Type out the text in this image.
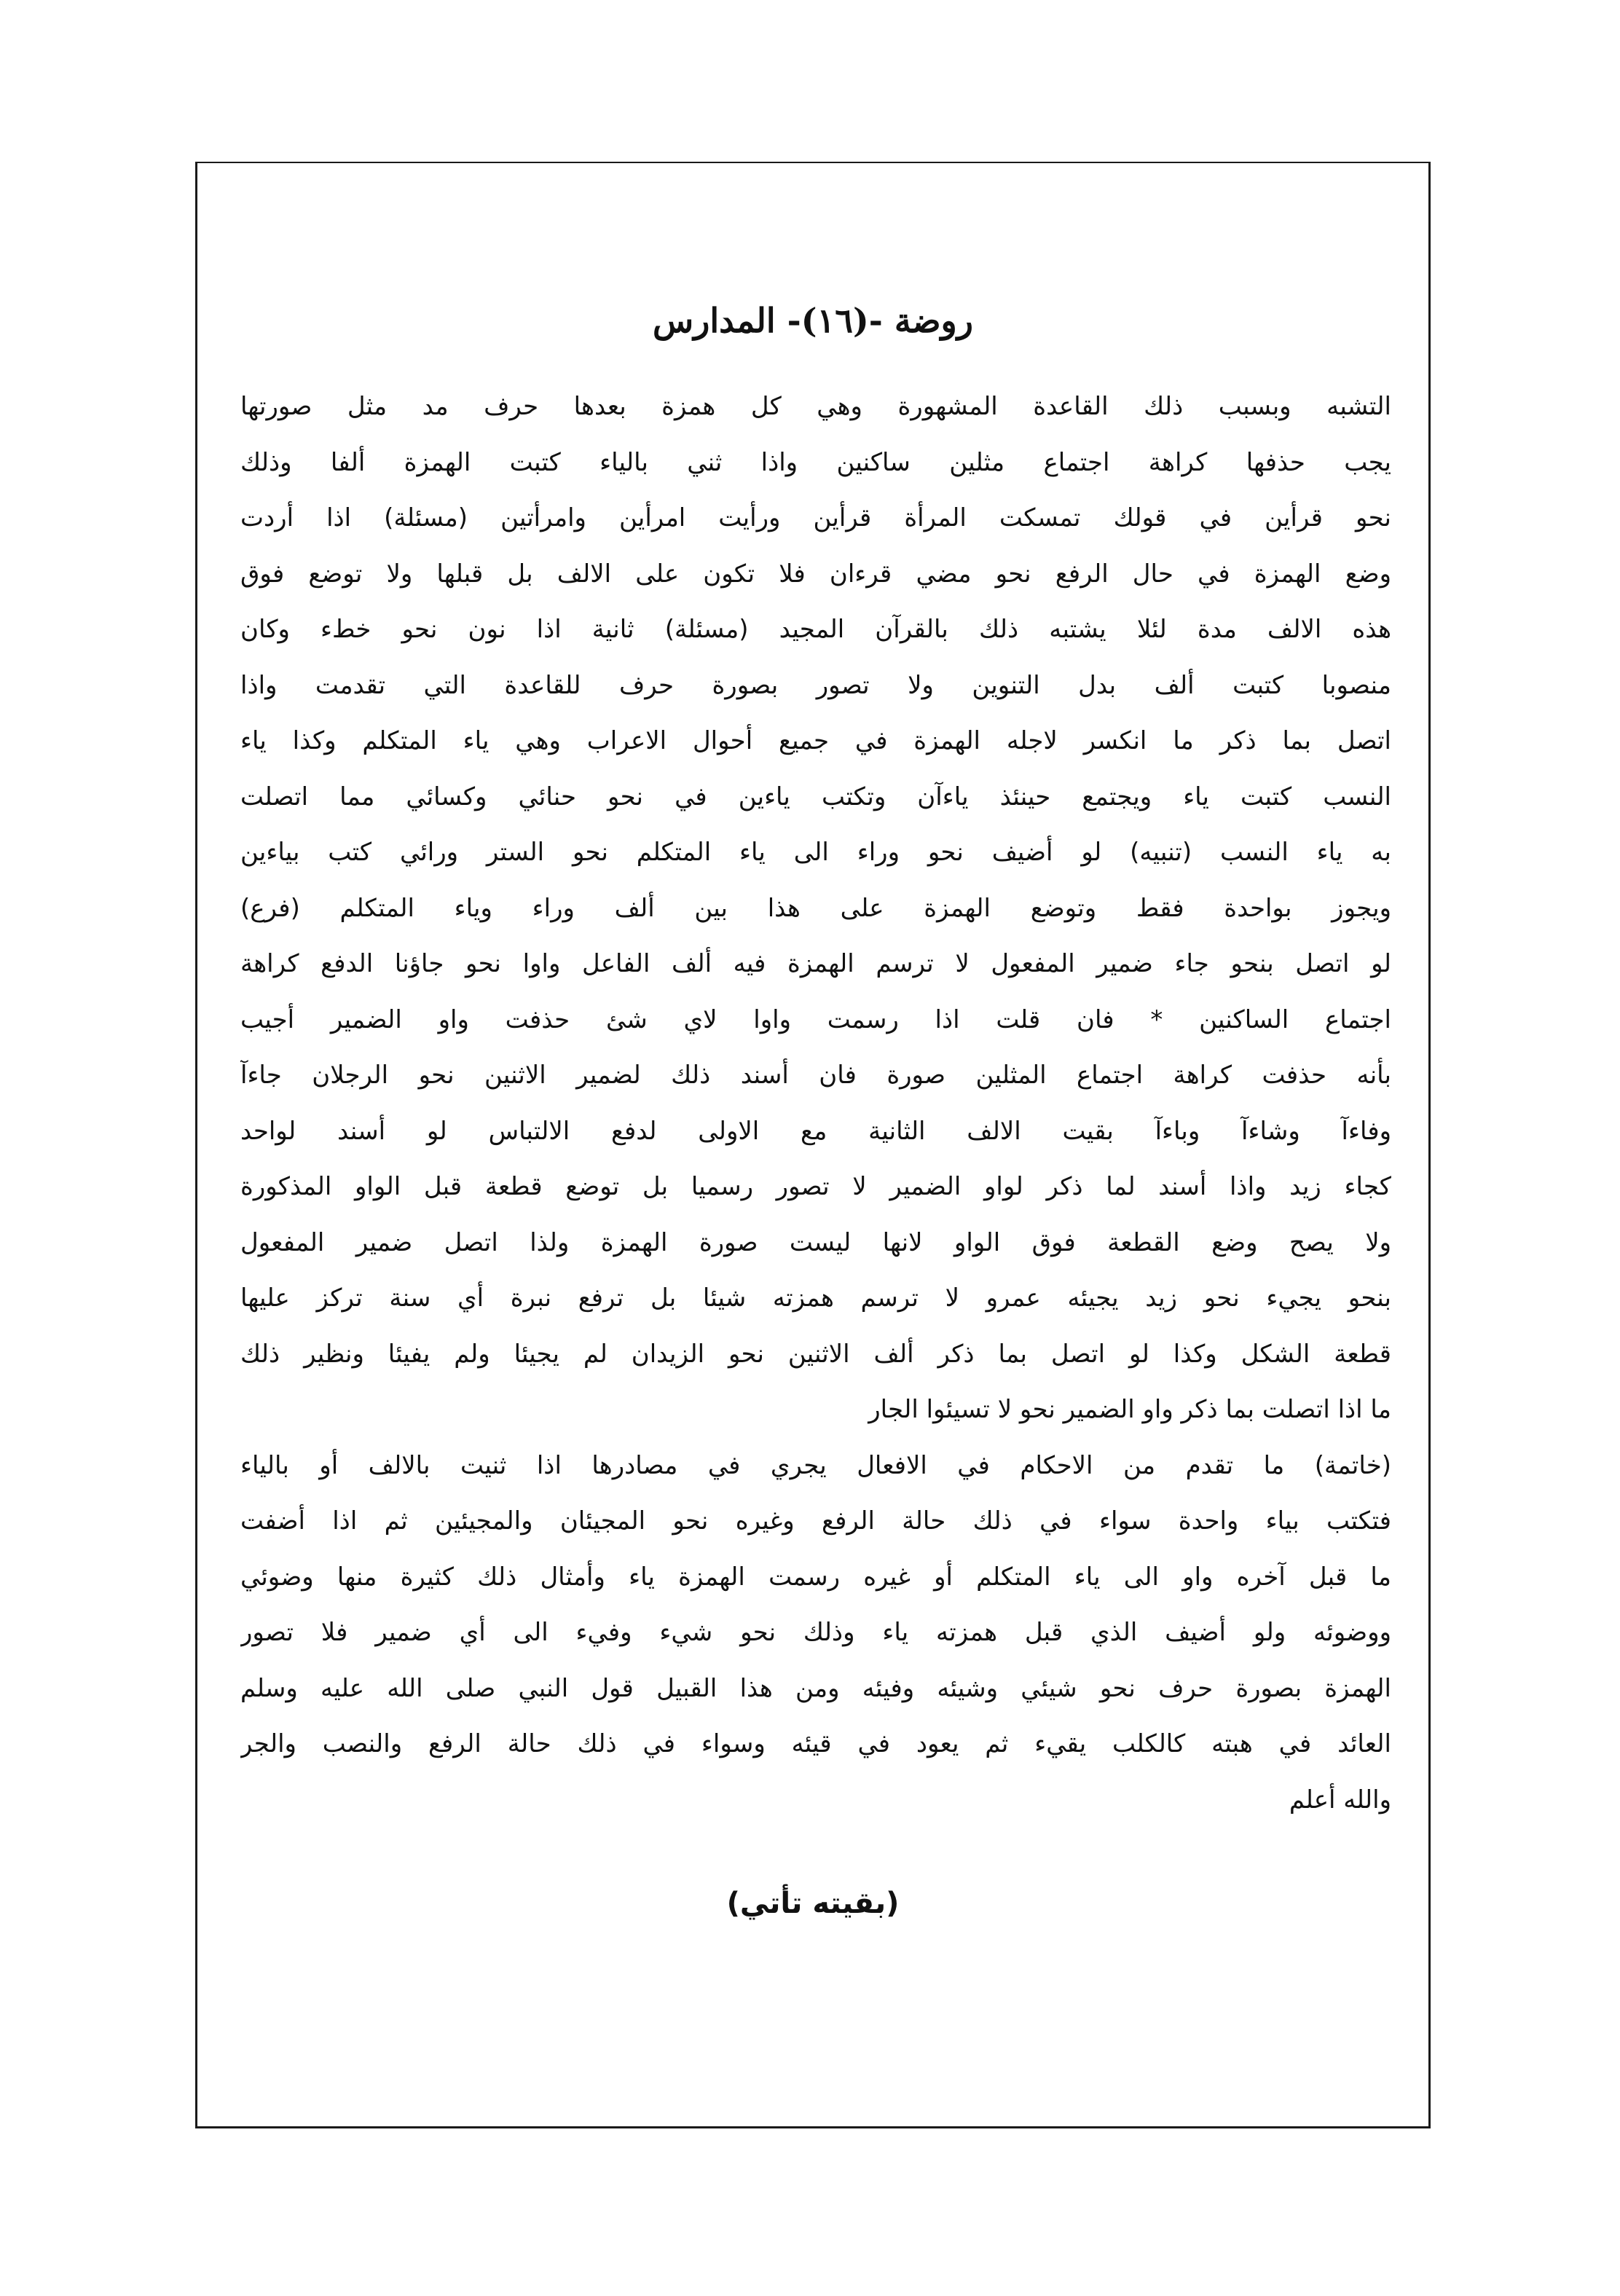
روضة -(١٦)- المدارس
التشبه وبسبب ذلك القاعدة المشهورة وهي كل همزة بعدها حرف مد مثل صورتها
يجب حذفها كراهة اجتماع مثلين ساكنين واذا ثني بالياء كتبت الهمزة ألفا وذلك
نحو قرأين في قولك تمسكت المرأة قرأين ورأيت امرأين وامرأتين (مسئلة) اذا أردت
وضع الهمزة في حال الرفع نحو مضي قرءان فلا تكون على الالف بل قبلها ولا توضع فوق
هذه الالف مدة لئلا يشتبه ذلك بالقرآن المجيد (مسئلة) ثانية اذا نون نحو خطء وكان
منصوبا كتبت ألف بدل التنوين ولا تصور بصورة حرف للقاعدة التي تقدمت واذا
اتصل بما ذكر ما انكسر لاجله الهمزة في جميع أحوال الاعراب وهي ياء المتكلم وكذا ياء
النسب كتبت ياء ويجتمع حينئذ ياءآن وتكتب ياءين في نحو حنائي وكسائي مما اتصلت
به ياء النسب (تنبيه) لو أضيف نحو وراء الى ياء المتكلم نحو الستر ورائي كتب بياءين
ويجوز بواحدة فقط وتوضع الهمزة على هذا بين ألف وراء وياء المتكلم (فرع)
لو اتصل بنحو جاء ضمير المفعول لا ترسم الهمزة فيه ألف الفاعل واوا نحو جاؤنا الدفع كراهة
اجتماع الساكنين * فان قلت اذا رسمت واوا لاي شئ حذفت واو الضمير أجيب
بأنه حذفت كراهة اجتماع المثلين صورة فان أسند ذلك لضمير الاثنين نحو الرجلان جاءآ
وفاءآ وشاءآ وباءآ بقيت الالف الثانية مع الاولى لدفع الالتباس لو أسند لواحد
كجاء زيد واذا أسند لما ذكر لواو الضمير لا تصور رسميا بل توضع قطعة قبل الواو المذكورة
ولا يصح وضع القطعة فوق الواو لانها ليست صورة الهمزة ولذا اتصل ضمير المفعول
بنحو يجيء نحو زيد يجيئه عمرو لا ترسم همزته شيئا بل ترفع نبرة أي سنة تركز عليها
قطعة الشكل وكذا لو اتصل بما ذكر ألف الاثنين نحو الزيدان لم يجيئا ولم يفيئا ونظير ذلك
ما اذا اتصلت بما ذكر واو الضمير نحو لا تسيئوا الجار
(خاتمة) ما تقدم من الاحكام في الافعال يجري في مصادرها اذا ثنيت بالالف أو بالياء
فتكتب بياء واحدة سواء في ذلك حالة الرفع وغيره نحو المجيئان والمجيئين ثم اذا أضفت
ما قبل آخره واو الى ياء المتكلم أو غيره رسمت الهمزة ياء وأمثال ذلك كثيرة منها وضوئي
ووضوئه ولو أضيف الذي قبل همزته ياء وذلك نحو شيء وفيء الى أي ضمير فلا تصور
الهمزة بصورة حرف نحو شيئي وشيئه وفيئه ومن هذا القبيل قول النبي صلى الله عليه وسلم
العائد في هبته كالكلب يقيء ثم يعود في قيئه وسواء في ذلك حالة الرفع والنصب والجر
والله أعلم
(بقيته تأتي)
